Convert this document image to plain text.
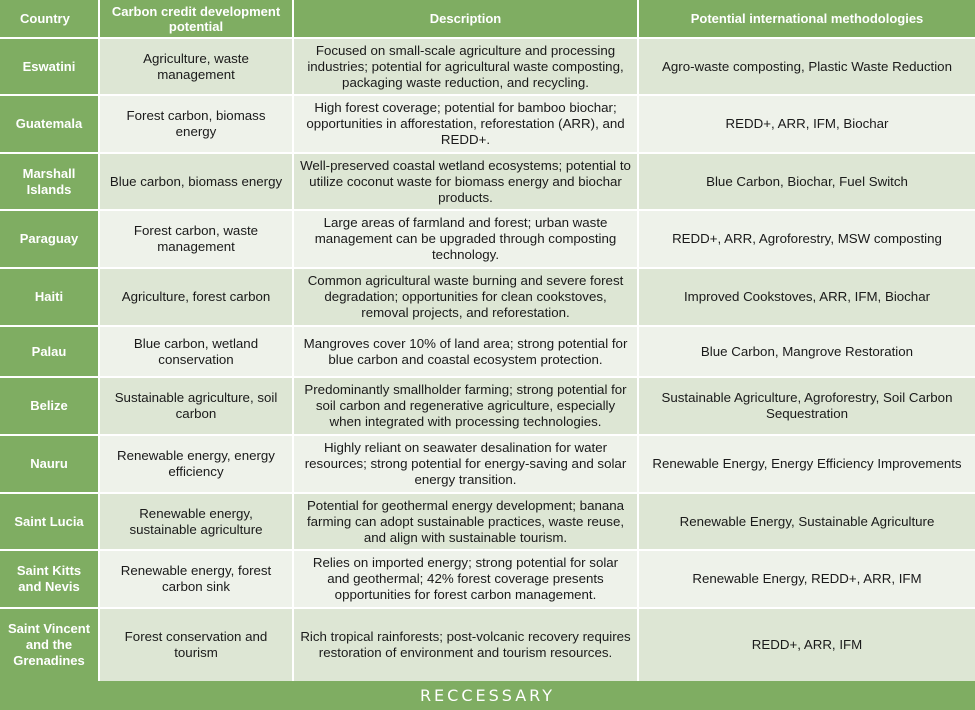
Country	Carbon credit development potential	Description	Potential international methodologies
Eswatini	Agriculture, waste management	Focused on small-scale agriculture and processing industries; potential for agricultural waste composting, packaging waste reduction, and recycling.	Agro-waste composting, Plastic Waste Reduction
Guatemala	Forest carbon, biomass energy	High forest coverage; potential for bamboo biochar; opportunities in afforestation, reforestation (ARR), and REDD+.	REDD+, ARR, IFM, Biochar
Marshall Islands	Blue carbon, biomass energy	Well-preserved coastal wetland ecosystems; potential to utilize coconut waste for biomass energy and biochar products.	Blue Carbon, Biochar, Fuel Switch
Paraguay	Forest carbon, waste management	Large areas of farmland and forest; urban waste management can be upgraded through composting technology.	REDD+, ARR, Agroforestry, MSW composting
Haiti	Agriculture, forest carbon	Common agricultural waste burning and severe forest degradation; opportunities for clean cookstoves, removal projects, and reforestation.	Improved Cookstoves, ARR, IFM, Biochar
Palau	Blue carbon, wetland conservation	Mangroves cover 10% of land area; strong potential for blue carbon and coastal ecosystem protection.	Blue Carbon, Mangrove Restoration
Belize	Sustainable agriculture, soil carbon	Predominantly smallholder farming; strong potential for soil carbon and regenerative agriculture, especially when integrated with processing technologies.	Sustainable Agriculture, Agroforestry, Soil Carbon Sequestration
Nauru	Renewable energy, energy efficiency	Highly reliant on seawater desalination for water resources; strong potential for energy-saving and solar energy transition.	Renewable Energy, Energy Efficiency Improvements
Saint Lucia	Renewable energy, sustainable agriculture	Potential for geothermal energy development; banana farming can adopt sustainable practices, waste reuse, and align with sustainable tourism.	Renewable Energy, Sustainable Agriculture
Saint Kitts and Nevis	Renewable energy, forest carbon sink	Relies on imported energy; strong potential for solar and geothermal; 42% forest coverage presents opportunities for forest carbon management.	Renewable Energy, REDD+, ARR, IFM
Saint Vincent and the Grenadines	Forest conservation and tourism	Rich tropical rainforests; post-volcanic recovery requires restoration of environment and tourism resources.	REDD+, ARR, IFM
RECCESSARY
